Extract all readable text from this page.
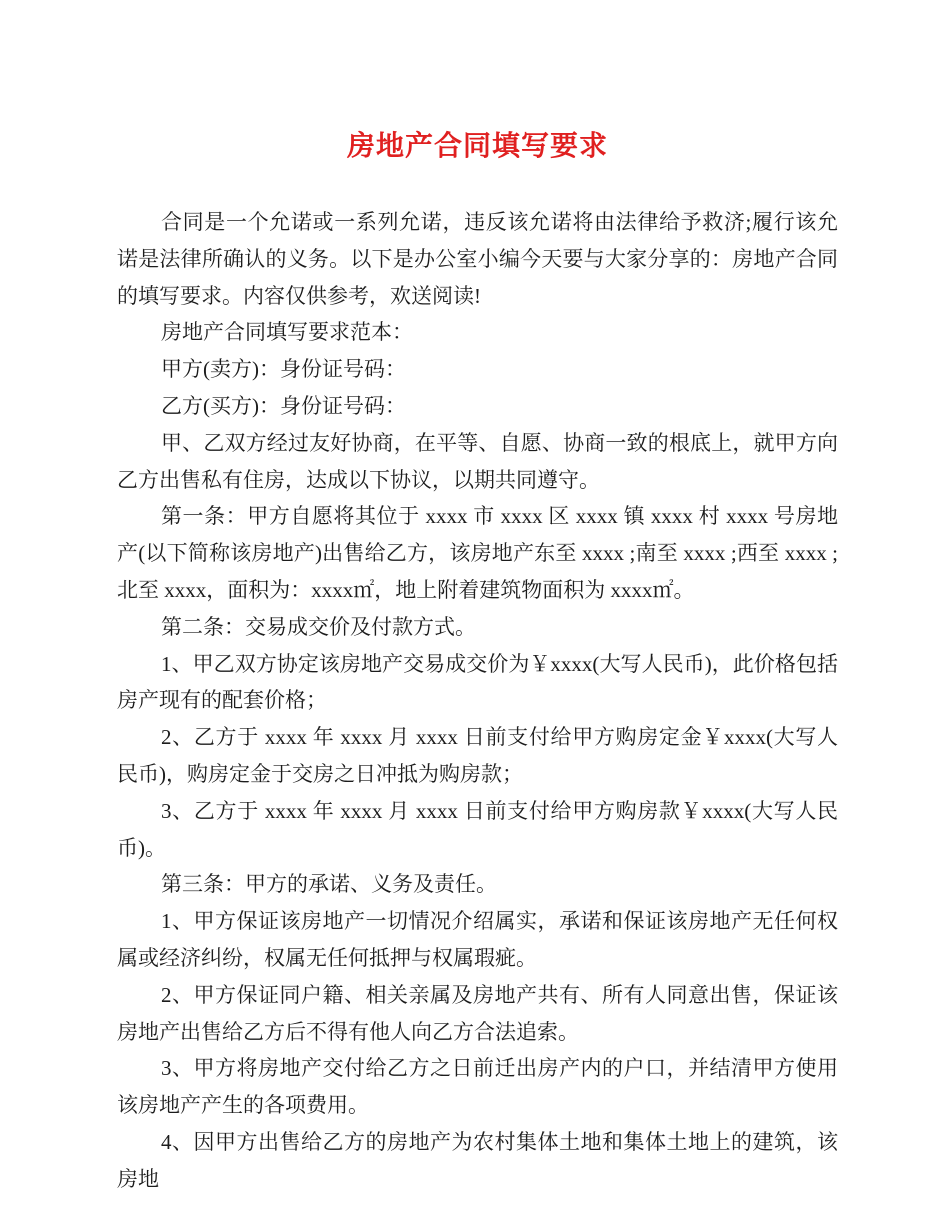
房地产合同填写要求

合同是一个允诺或一系列允诺，违反该允诺将由法律给予救济;履行该允诺是法律所确认的义务。以下是办公室小编今天要与大家分享的：房地产合同的填写要求。内容仅供参考，欢送阅读!

房地产合同填写要求范本：

甲方(卖方)：身份证号码：

乙方(买方)：身份证号码：

甲、乙双方经过友好协商，在平等、自愿、协商一致的根底上，就甲方向乙方出售私有住房，达成以下协议，以期共同遵守。

第一条：甲方自愿将其位于 xxxx 市 xxxx 区 xxxx 镇 xxxx 村 xxxx 号房地产(以下简称该房地产)出售给乙方，该房地产东至 xxxx ;南至 xxxx ;西至 xxxx ;北至 xxxx，面积为：xxxx㎡，地上附着建筑物面积为 xxxx㎡。

第二条：交易成交价及付款方式。

1、甲乙双方协定该房地产交易成交价为￥xxxx(大写人民币)，此价格包括房产现有的配套价格；

2、乙方于 xxxx 年 xxxx 月 xxxx 日前支付给甲方购房定金￥xxxx(大写人民币)，购房定金于交房之日冲抵为购房款；

3、乙方于 xxxx 年 xxxx 月 xxxx 日前支付给甲方购房款￥xxxx(大写人民币)。

第三条：甲方的承诺、义务及责任。

1、甲方保证该房地产一切情况介绍属实，承诺和保证该房地产无任何权属或经济纠纷，权属无任何抵押与权属瑕疵。

2、甲方保证同户籍、相关亲属及房地产共有、所有人同意出售，保证该房地产出售给乙方后不得有他人向乙方合法追索。

3、甲方将房地产交付给乙方之日前迁出房产内的户口，并结清甲方使用该房地产产生的各项费用。

4、因甲方出售给乙方的房地产为农村集体土地和集体土地上的建筑，该房地
